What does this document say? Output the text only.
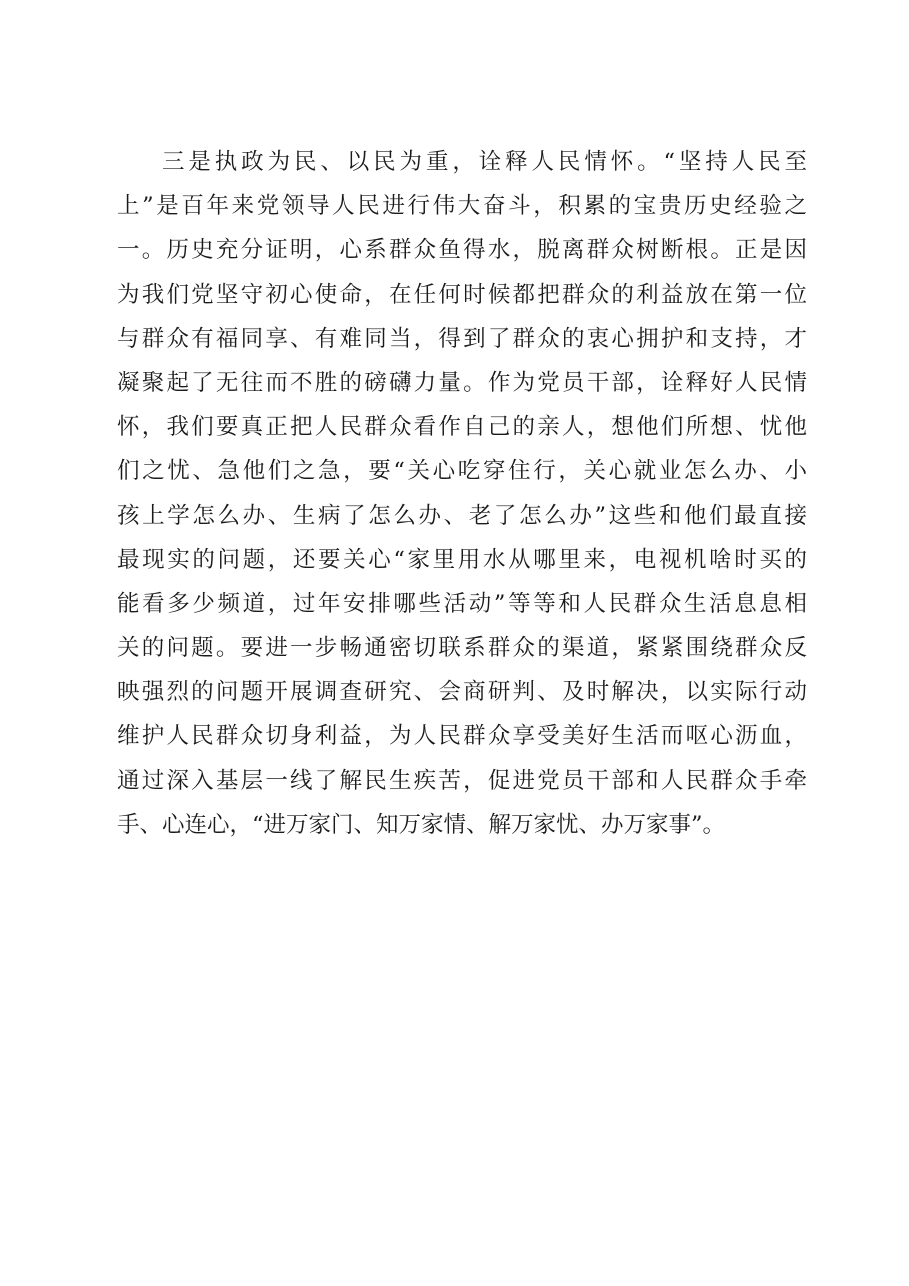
三是执政为民、以民为重，诠释人民情怀。“坚持人民至
上”是百年来党领导人民进行伟大奋斗，积累的宝贵历史经验之
一。历史充分证明，心系群众鱼得水，脱离群众树断根。正是因
为我们党坚守初心使命，在任何时候都把群众的利益放在第一位
与群众有福同享、有难同当，得到了群众的衷心拥护和支持，才
凝聚起了无往而不胜的磅礴力量。作为党员干部，诠释好人民情
怀，我们要真正把人民群众看作自己的亲人，想他们所想、忧他
们之忧、急他们之急，要“关心吃穿住行，关心就业怎么办、小
孩上学怎么办、生病了怎么办、老了怎么办”这些和他们最直接
最现实的问题，还要关心“家里用水从哪里来，电视机啥时买的
能看多少频道，过年安排哪些活动”等等和人民群众生活息息相
关的问题。要进一步畅通密切联系群众的渠道，紧紧围绕群众反
映强烈的问题开展调查研究、会商研判、及时解决，以实际行动
维护人民群众切身利益，为人民群众享受美好生活而呕心沥血，
通过深入基层一线了解民生疾苦，促进党员干部和人民群众手牵
手、心连心，“进万家门、知万家情、解万家忧、办万家事”。
